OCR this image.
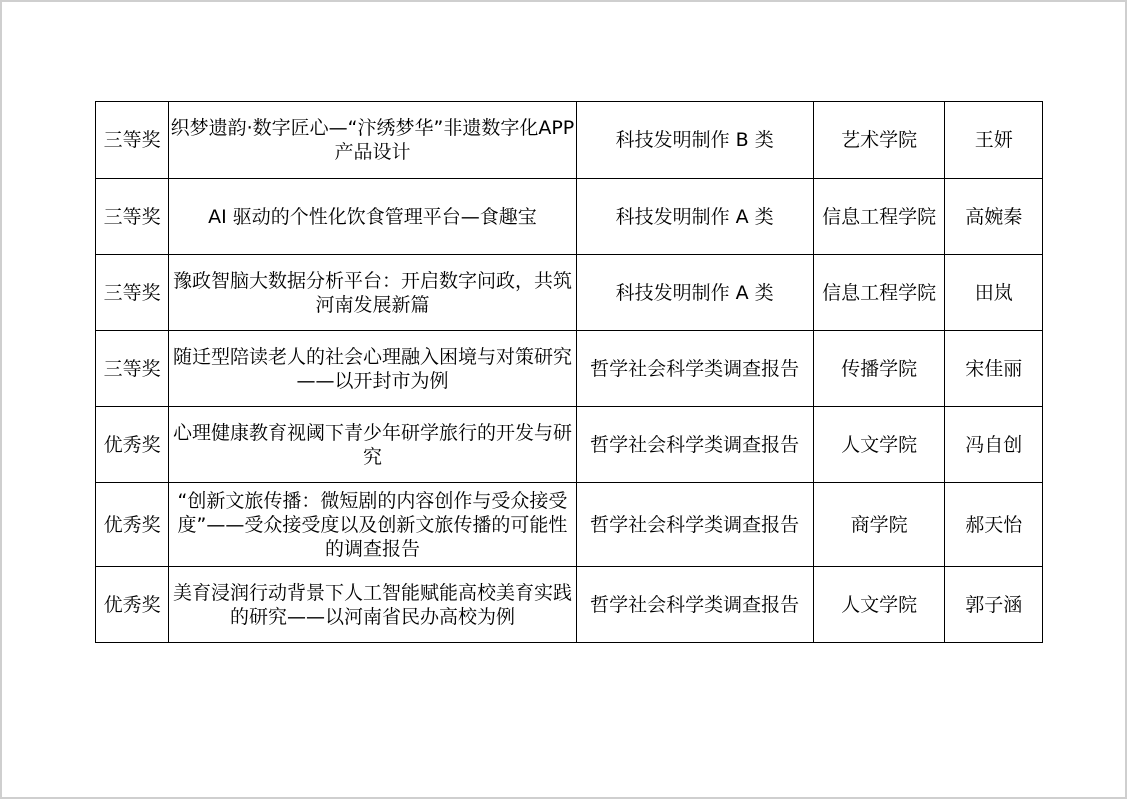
三等奖	织梦遗韵·数字匠心—“汴绣梦华”非遗数字化APP 产品设计	科技发明制作 B 类	艺术学院	王妍
三等奖	AI 驱动的个性化饮食管理平台—食趣宝	科技发明制作 A 类	信息工程学院	高婉秦
三等奖	豫政智脑大数据分析平台：开启数字问政，共筑河南发展新篇	科技发明制作 A 类	信息工程学院	田岚
三等奖	随迁型陪读老人的社会心理融入困境与对策研究——以开封市为例	哲学社会科学类调查报告	传播学院	宋佳丽
优秀奖	心理健康教育视阈下青少年研学旅行的开发与研究	哲学社会科学类调查报告	人文学院	冯自创
优秀奖	“创新文旅传播：微短剧的内容创作与受众接受度”——受众接受度以及创新文旅传播的可能性的调查报告	哲学社会科学类调查报告	商学院	郝天怡
优秀奖	美育浸润行动背景下人工智能赋能高校美育实践的研究——以河南省民办高校为例	哲学社会科学类调查报告	人文学院	郭子涵
